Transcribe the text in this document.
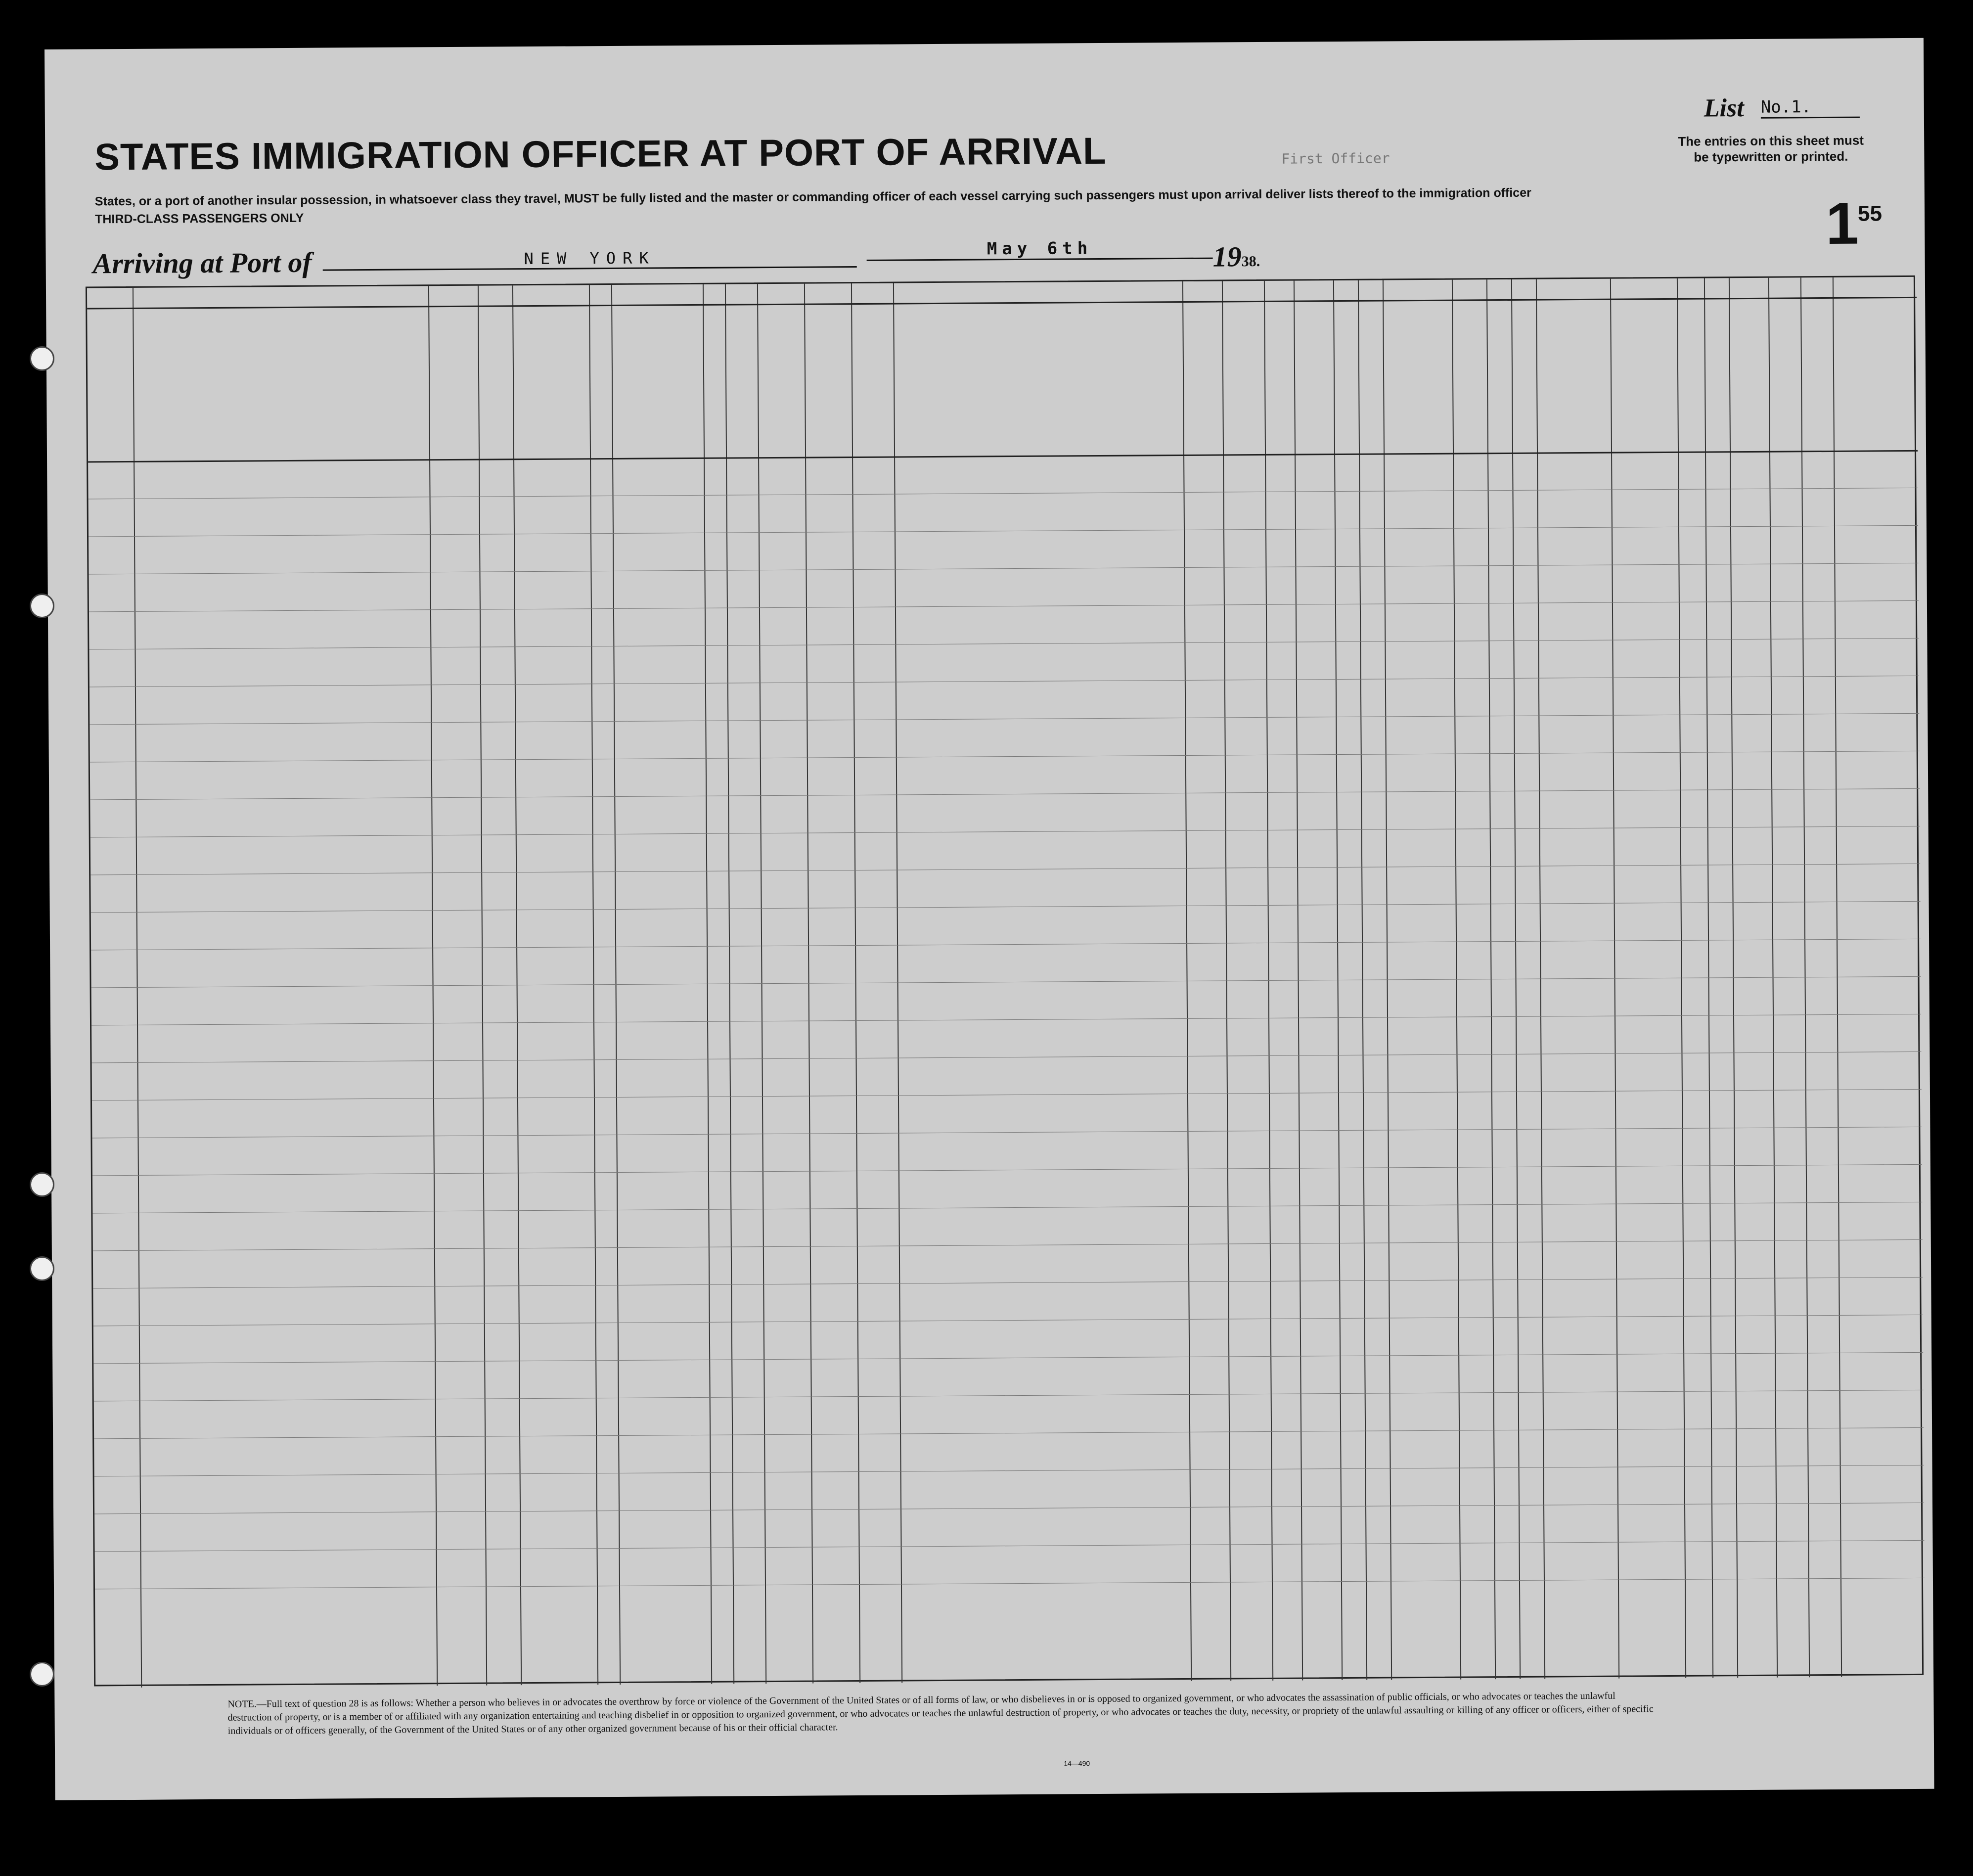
STATES IMMIGRATION OFFICER AT PORT OF ARRIVAL
States, or a port of another insular possession, in whatsoever class they travel, MUST be fully listed and the master or commanding officer of each vessel carrying such passengers must upon arrival deliver lists thereof to the immigration officer
THIRD-CLASS PASSENGERS ONLY
First Officer
List No.1.
The entries on this sheet must be typewritten or printed.
1
55
Arriving at Port of	NEW YORK	May 6th	1938.
NOTE.—Full text of question 28 is as follows: Whether a person who believes in or advocates the overthrow by force or violence of the Government of the United States or of all forms of law, or who disbelieves in or is opposed to organized government, or who advocates the assassination of public officials, or who advocates or teaches the unlawful destruction of property, or is a member of or affiliated with any organization entertaining and teaching disbelief in or opposition to organized government, or who advocates or teaches the unlawful destruction of property, or who advocates or teaches the duty, necessity, or propriety of the unlawful assaulting or killing of any officer or officers, either of specific individuals or of officers generally, of the Government of the United States or of any other organized government because of his or their official character.
14—490
